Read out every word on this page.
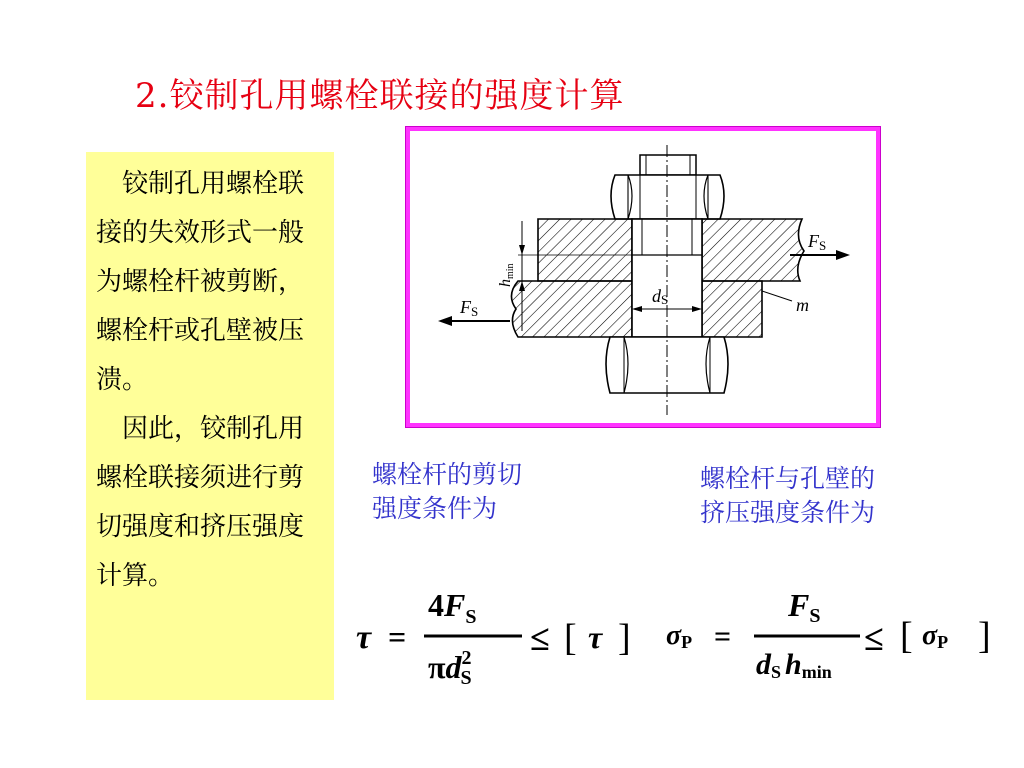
2.铰制孔用螺栓联接的强度计算

铰制孔用螺栓联接的失效形式一般为螺栓杆被剪断，螺栓杆或孔壁被压溃。

因此，铰制孔用螺栓联接须进行剪切强度和挤压强度计算。

dS
FS
FS
hmin
m
螺栓杆的剪切
强度条件为
螺栓杆与孔壁的
挤压强度条件为
τ =
$4F_S$
$\pi d^2$ S
≤ [ τ ] σP =
FS
dS hmin
≤ [ σP ]
